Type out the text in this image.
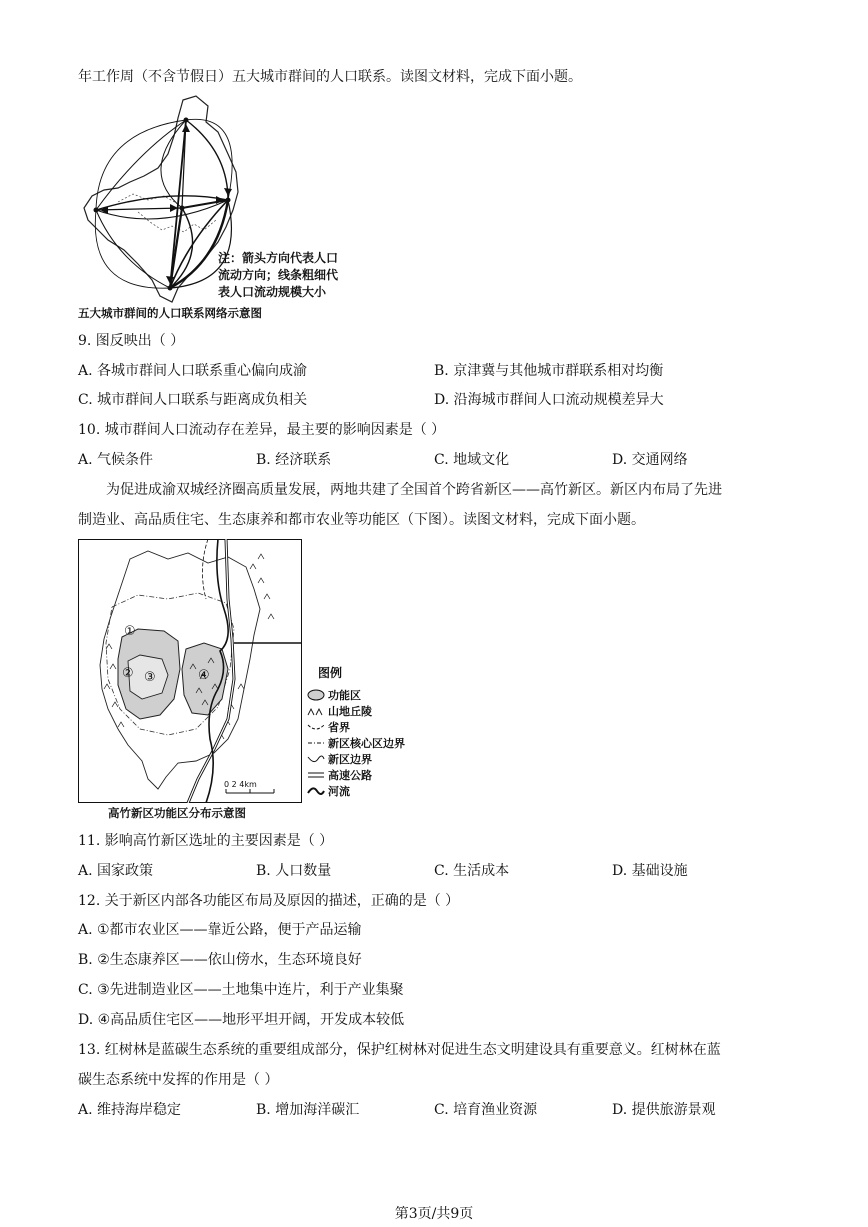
年工作周（不含节假日）五大城市群间的人口联系。读图文材料，完成下面小题。
注：箭头方向代表人口
流动方向；线条粗细代
表人口流动规模大小
五大城市群间的人口联系网络示意图
9. 图反映出（ ）
A. 各城市群间人口联系重心偏向成渝	B. 京津冀与其他城市群联系相对均衡
C. 城市群间人口联系与距离成负相关	D. 沿海城市群间人口流动规模差异大
10. 城市群间人口流动存在差异，最主要的影响因素是（ ）
A. 气候条件	B. 经济联系	C. 地域文化	D. 交通网络
为促进成渝双城经济圈高质量发展，两地共建了全国首个跨省新区——高竹新区。新区内布局了先进
制造业、高品质住宅、生态康养和都市农业等功能区（下图）。读图文材料，完成下面小题。
①
② ③	④
0 2 4km
图例
功能区
山地丘陵
省界
新区核心区边界
新区边界
高速公路
河流
高竹新区功能区分布示意图
11. 影响高竹新区选址的主要因素是（ ）
A. 国家政策	B. 人口数量	C. 生活成本	D. 基础设施
12. 关于新区内部各功能区布局及原因的描述，正确的是（ ）
A. ①都市农业区——靠近公路，便于产品运输
B. ②生态康养区——依山傍水，生态环境良好
C. ③先进制造业区——土地集中连片，利于产业集聚
D. ④高品质住宅区——地形平坦开阔，开发成本较低
13. 红树林是蓝碳生态系统的重要组成部分，保护红树林对促进生态文明建设具有重要意义。红树林在蓝
碳生态系统中发挥的作用是（ ）
A. 维持海岸稳定	B. 增加海洋碳汇	C. 培育渔业资源	D. 提供旅游景观
第3页/共9页
